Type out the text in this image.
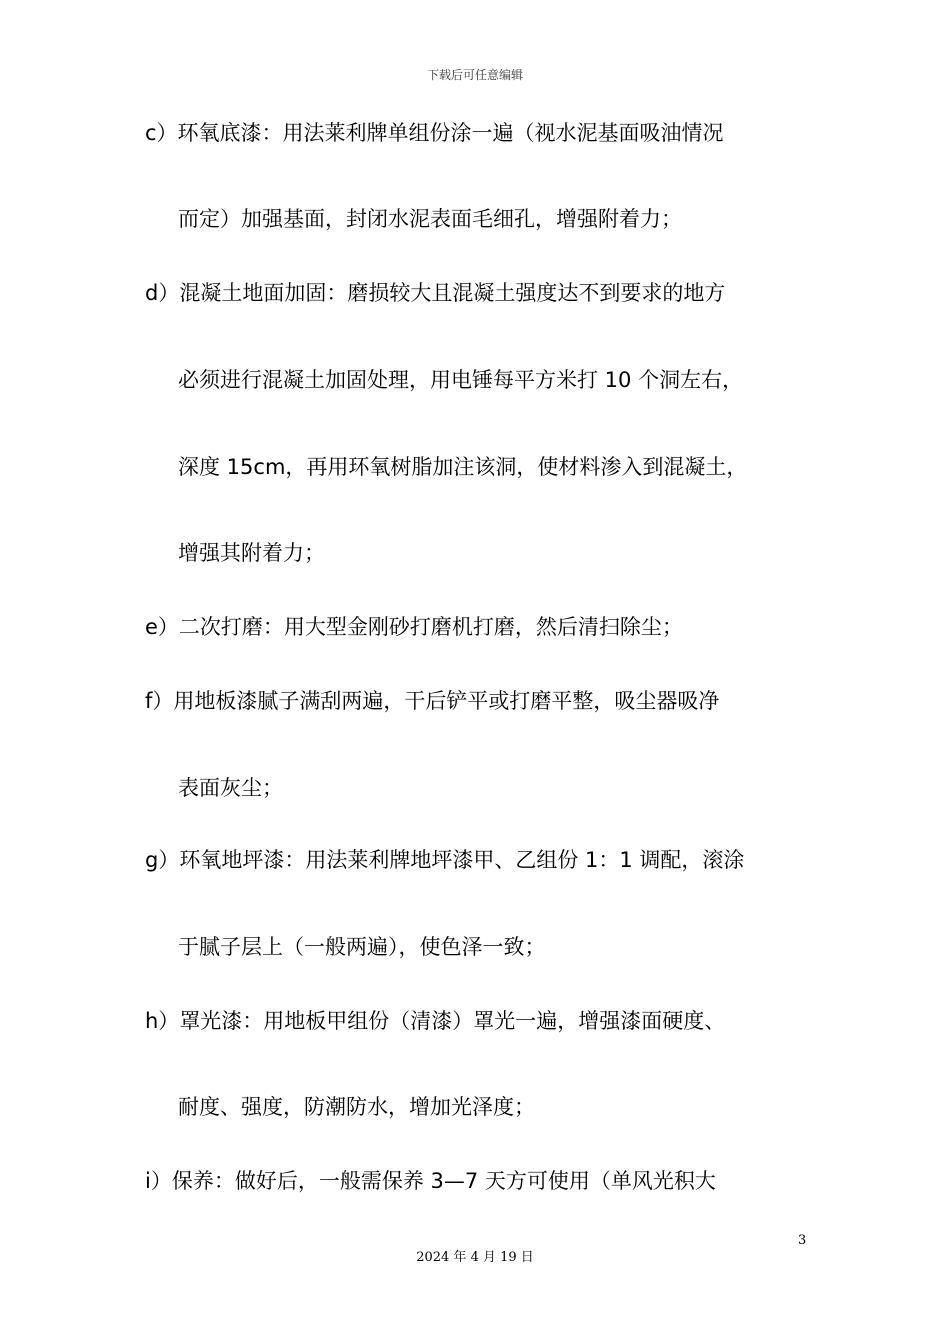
下载后可任意编辑
c）环氧底漆：用法莱利牌单组份涂一遍（视水泥基面吸油情况
而定）加强基面，封闭水泥表面毛细孔，增强附着力；
d）混凝土地面加固：磨损较大且混凝土强度达不到要求的地方
必须进行混凝土加固处理，用电锤每平方米打 10 个洞左右，
深度 15cm，再用环氧树脂加注该洞，使材料渗入到混凝土，
增强其附着力；
e）二次打磨：用大型金刚砂打磨机打磨，然后清扫除尘；
f）用地板漆腻子满刮两遍，干后铲平或打磨平整，吸尘器吸净
表面灰尘；
g）环氧地坪漆：用法莱利牌地坪漆甲、乙组份 1：1 调配，滚涂
于腻子层上（一般两遍），使色泽一致；
h）罩光漆：用地板甲组份（清漆）罩光一遍，增强漆面硬度、
耐度、强度，防潮防水，增加光泽度；
i）保养：做好后，一般需保养 3—7 天方可使用（单风光积大
3
2024 年 4 月 19 日
